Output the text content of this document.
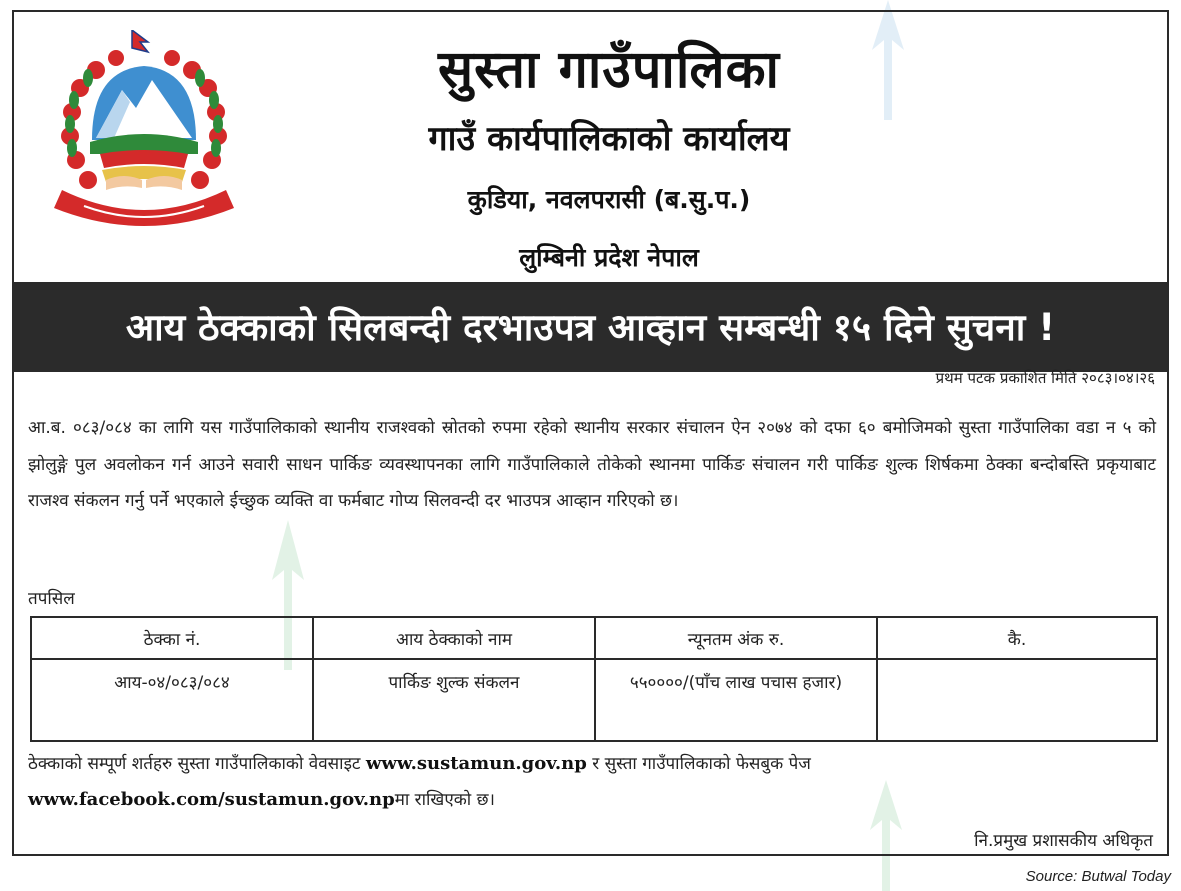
सुस्ता गाउँपालिका
गाउँ कार्यपालिकाको कार्यालय
कुडिया, नवलपरासी (ब.सु.प.)
लुम्बिनी प्रदेश नेपाल
आय ठेक्काको सिलबन्दी दरभाउपत्र आव्हान सम्बन्धी १५ दिने सुचना !
प्रथम पटक प्रकाशित मिति २०८३।०४।२६
आ.ब. ०८३/०८४ का लागि यस गाउँपालिकाको स्थानीय राजश्वको स्रोतको रुपमा रहेको स्थानीय सरकार संचालन ऐन २०७४ को दफा ६० बमोजिमको सुस्ता गाउँपालिका वडा न ५ को झोलुङ्गे पुल अवलोकन गर्न आउने सवारी साधन पार्किङ व्यवस्थापनका लागि गाउँपालिकाले तोकेको स्थानमा पार्किङ संचालन गरी पार्किङ शुल्क शिर्षकमा ठेक्का बन्दोबस्ति प्रकृयाबाट राजश्व संकलन गर्नु पर्ने भएकाले ईच्छुक व्यक्ति वा फर्मबाट गोप्य सिलवन्दी दर भाउपत्र आव्हान गरिएको छ।
तपसिल
ठेक्का नं.	आय ठेक्काको नाम	न्यूनतम अंक रु.	कै.
आय-०४/०८३/०८४	पार्किङ शुल्क संकलन	५५००००/(पाँच लाख पचास हजार)	
ठेक्काको सम्पूर्ण शर्तहरु सुस्ता गाउँपालिकाको वेवसाइट www.sustamun.gov.np र सुस्ता गाउँपालिकाको फेसबुक पेज www.facebook.com/sustamun.gov.npमा राखिएको छ।
नि.प्रमुख प्रशासकीय अधिकृत
Source: Butwal Today
